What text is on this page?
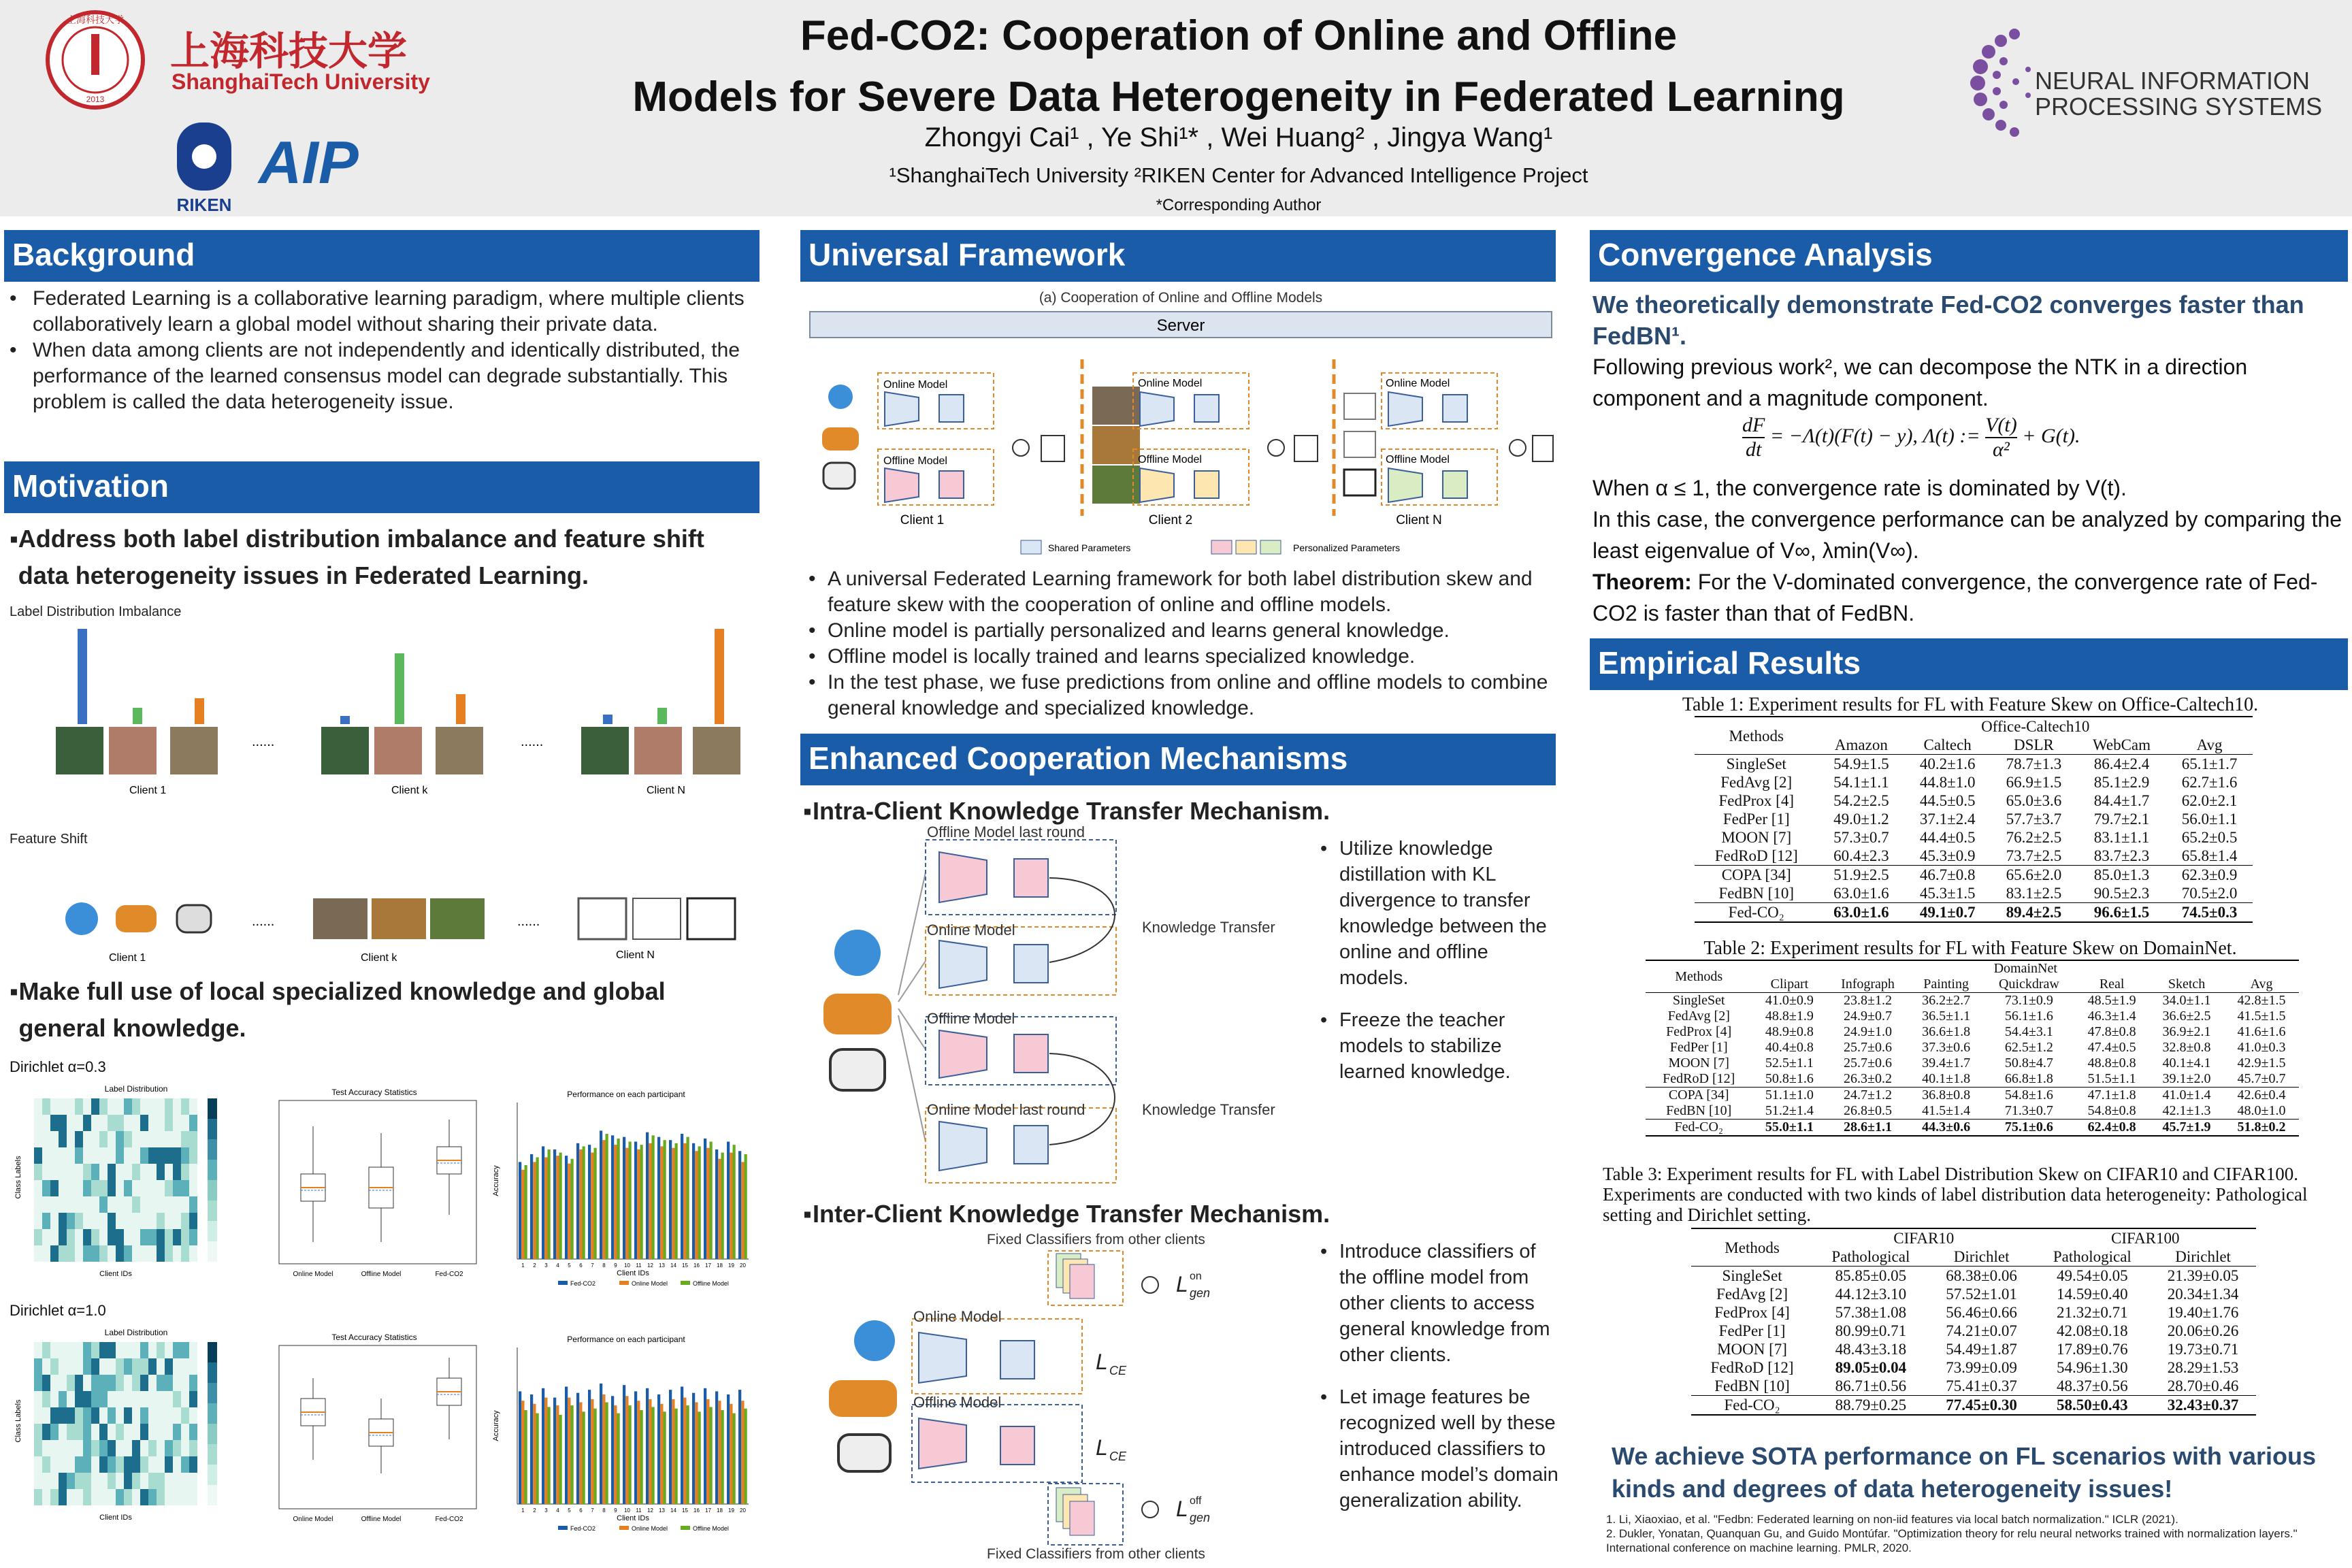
上海科技大学
2013
上海科技大学
ShanghaiTech University
RIKEN
AIP
NEURAL INFORMATION
PROCESSING SYSTEMS
Fed-CO2: Cooperation of Online and Offline
Models for Severe Data Heterogeneity in Federated Learning
Zhongyi Cai¹ , Ye Shi¹* , Wei Huang² , Jingya Wang¹
¹ShanghaiTech University ²RIKEN Center for Advanced Intelligence Project
*Corresponding Author
Background
• Federated Learning is a collaborative learning paradigm, where multiple clients collaboratively learn a global model without sharing their private data.
• When data among clients are not independently and identically distributed, the performance of the learned consensus model can degrade substantially. This problem is called the data heterogeneity issue.
Motivation
▪ Address both label distribution imbalance and feature shift data heterogeneity issues in Federated Learning.
Label Distribution Imbalance
......	......
Client 1	Client k	Client N
Feature Shift
......	......
Client 1	Client k	Client N
▪ Make full use of local specialized knowledge and global general knowledge.
Dirichlet α=0.3
Dirichlet α=1.0
Label Distribution
Client IDs
Class Labels
Label Distribution
Client IDs
Class Labels
Test Accuracy Statistics
Online Model	Offline Model	Fed-CO2
Test Accuracy Statistics
Online Model	Offline Model	Fed-CO2
Performance on each participant
1 2 3 4 5 6 7 8 9 10 11 12 13 14 15 16 17 18 19 20
Client IDs
Accuracy
Fed-CO2	Online Model	Offline Model
Performance on each participant
1 2 3 4 5 6 7 8 9 10 11 12 13 14 15 16 17 18 19 20
Client IDs
Accuracy
Fed-CO2	Online Model	Offline Model
Universal Framework
(a) Cooperation of Online and Offline Models
Server
Online Model
Offline Model
Client 1
Online Model
Offline Model
Client 2
Online Model
Offline Model
Client N
Shared Parameters	Personalized Parameters
• A universal Federated Learning framework for both label distribution skew and feature skew with the cooperation of online and offline models.
• Online model is partially personalized and learns general knowledge.
• Offline model is locally trained and learns specialized knowledge.
• In the test phase, we fuse predictions from online and offline models to combine general knowledge and specialized knowledge.
Enhanced Cooperation Mechanisms
▪ Intra-Client Knowledge Transfer Mechanism.
Offline Model last round
Online Model
Offline Model
Online Model last round
Knowledge Transfer
Knowledge Transfer
• Utilize knowledge distillation with KL divergence to transfer knowledge between the online and offline models.
• Freeze the teacher models to stabilize learned knowledge.
▪ Inter-Client Knowledge Transfer Mechanism.
Fixed Classifiers from other clients
Fixed Classifiers from other clients
Online Model
Offline Model
L on
gen
L CE
L CE
L off
gen
• Introduce classifiers of the offline model from other clients to access general knowledge from other clients.
• Let image features be recognized well by these introduced classifiers to enhance model’s domain generalization ability.
Convergence Analysis
We theoretically demonstrate Fed-CO2 converges faster than FedBN¹.
Following previous work², we can decompose the NTK in a direction component and a magnitude component.
$\frac{dF}{dt} = -\Lambda(t)(F(t) - y)$, Λ(t) := $\frac{V(t)}{\text{α²}} + G(t)$.
When α ≤ 1, the convergence rate is dominated by V(t).
In this case, the convergence performance can be analyzed by comparing the least eigenvalue of V∞, λmin(V∞).
Theorem: For the V-dominated convergence, the convergence rate of Fed-CO2 is faster than that of FedBN.
Empirical Results
Table 1: Experiment results for FL with Feature Skew on Office-Caltech10.
Methods	Office-Caltech10				
	Amazon	Caltech	DSLR	WebCam	Avg
SingleSet	54.9±1.5	40.2±1.6	78.7±1.3	86.4±2.4	65.1±1.7
FedAvg [2]	54.1±1.1	44.8±1.0	66.9±1.5	85.1±2.9	62.7±1.6
FedProx [4]	54.2±2.5	44.5±0.5	65.0±3.6	84.4±1.7	62.0±2.1
FedPer [1]	49.0±1.2	37.1±2.4	57.7±3.7	79.7±2.1	56.0±1.1
MOON [7]	57.3±0.7	44.4±0.5	76.2±2.5	83.1±1.1	65.2±0.5
FedRoD [12]	60.4±2.3	45.3±0.9	73.7±2.5	83.7±2.3	65.8±1.4
COPA [34]	51.9±2.5	46.7±0.8	65.6±2.0	85.0±1.3	62.3±0.9
FedBN [10]	63.0±1.6	45.3±1.5	83.1±2.5	90.5±2.3	70.5±2.0
Fed-CO₂	63.0±1.6	49.1±0.7	89.4±2.5	96.6±1.5	74.5±0.3
Table 2: Experiment results for FL with Feature Skew on DomainNet.
Methods	DomainNet						
	Clipart	Infograph	Painting	Quickdraw	Real	Sketch	Avg
SingleSet	41.0±0.9	23.8±1.2	36.2±2.7	73.1±0.9	48.5±1.9	34.0±1.1	42.8±1.5
FedAvg [2]	48.8±1.9	24.9±0.7	36.5±1.1	56.1±1.6	46.3±1.4	36.6±2.5	41.5±1.5
FedProx [4]	48.9±0.8	24.9±1.0	36.6±1.8	54.4±3.1	47.8±0.8	36.9±2.1	41.6±1.6
FedPer [1]	40.4±0.8	25.7±0.6	37.3±0.6	62.5±1.2	47.4±0.5	32.8±0.8	41.0±0.3
MOON [7]	52.5±1.1	25.7±0.6	39.4±1.7	50.8±4.7	48.8±0.8	40.1±4.1	42.9±1.5
FedRoD [12]	50.8±1.6	26.3±0.2	40.1±1.8	66.8±1.8	51.5±1.1	39.1±2.0	45.7±0.7
COPA [34]	51.1±1.0	24.7±1.2	36.8±0.8	54.8±1.6	47.1±1.8	41.0±1.4	42.6±0.4
FedBN [10]	51.2±1.4	26.8±0.5	41.5±1.4	71.3±0.7	54.8±0.8	42.1±1.3	48.0±1.0
Fed-CO₂	55.0±1.1	28.6±1.1	44.3±0.6	75.1±0.6	62.4±0.8	45.7±1.9	51.8±0.2
Table 3: Experiment results for FL with Label Distribution Skew on CIFAR10 and CIFAR100. Experiments are conducted with two kinds of label distribution data heterogeneity: Pathological setting and Dirichlet setting.
Methods	CIFAR10		CIFAR100	
	Pathological	Dirichlet	Pathological	Dirichlet
SingleSet	85.85±0.05	68.38±0.06	49.54±0.05	21.39±0.05
FedAvg [2]	44.12±3.10	57.52±1.01	14.59±0.40	20.34±1.34
FedProx [4]	57.38±1.08	56.46±0.66	21.32±0.71	19.40±1.76
FedPer [1]	80.99±0.71	74.21±0.07	42.08±0.18	20.06±0.26
MOON [7]	48.43±3.18	54.49±1.87	17.89±0.76	19.73±0.71
FedRoD [12]	89.05±0.04	73.99±0.09	54.96±1.30	28.29±1.53
FedBN [10]	86.71±0.56	75.41±0.37	48.37±0.56	28.70±0.46
Fed-CO₂	88.79±0.25	77.45±0.30	58.50±0.43	32.43±0.37
We achieve SOTA performance on FL scenarios with various kinds and degrees of data heterogeneity issues!
1. Li, Xiaoxiao, et al. "Fedbn: Federated learning on non-iid features via local batch normalization." ICLR (2021).
2. Dukler, Yonatan, Quanquan Gu, and Guido Montúfar. "Optimization theory for relu neural networks trained with normalization layers." International conference on machine learning. PMLR, 2020.
